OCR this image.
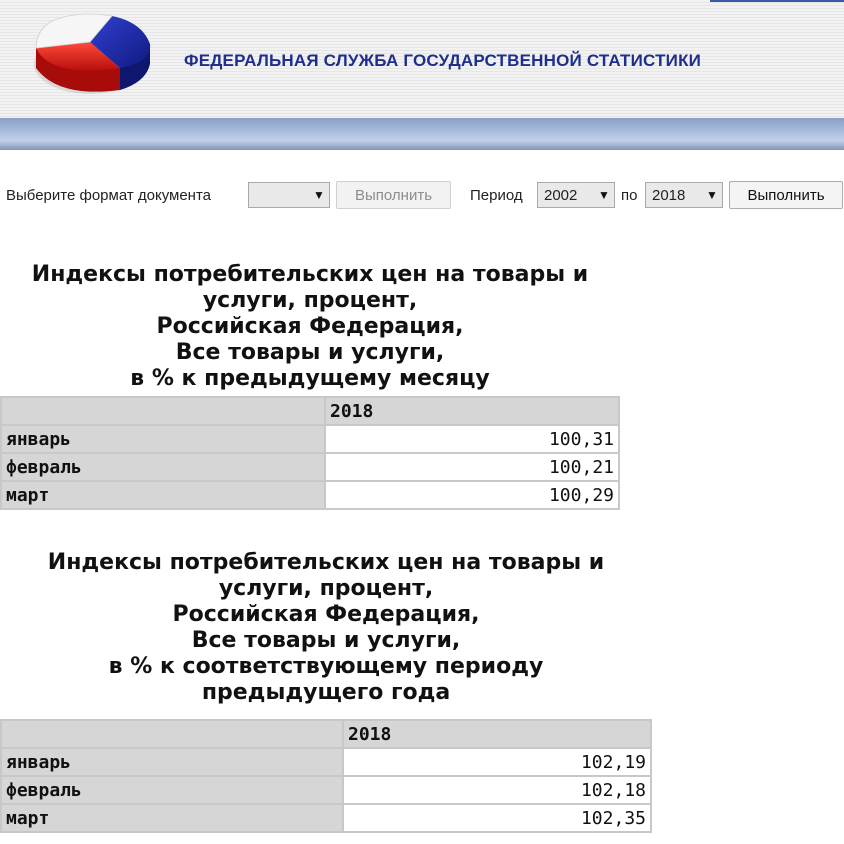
ФЕДЕРАЛЬНАЯ СЛУЖБА ГОСУДАРСТВЕННОЙ СТАТИСТИКИ
Выберите формат документа	▼	Выполнить	Период	2002	▼ по 2018	▼	Выполнить
Индексы потребительских цен на товары и
услуги, процент,
Российская Федерация,
Все товары и услуги,
в % к предыдущему месяцу
	2018
январь	100,31
февраль	100,21
март	100,29
Индексы потребительских цен на товары и
услуги, процент,
Российская Федерация,
Все товары и услуги,
в % к соответствующему периоду
предыдущего года
	2018
январь	102,19
февраль	102,18
март	102,35
